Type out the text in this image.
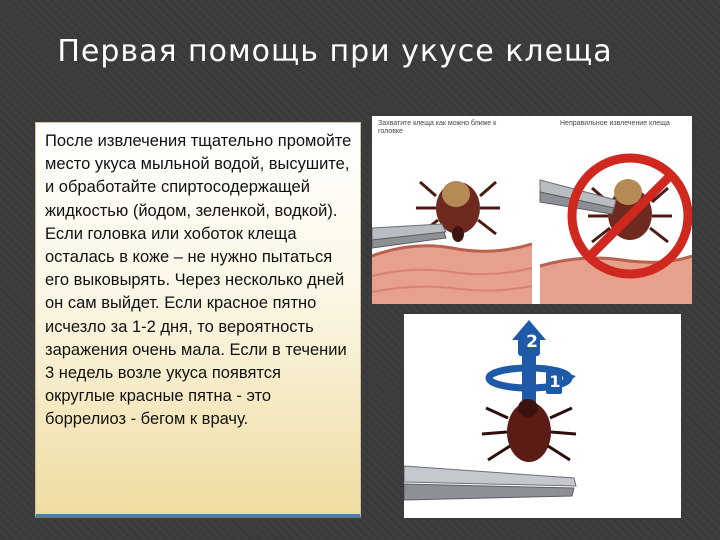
Первая помощь при укусе клеща

После извлечения тщательно промойте место укуса мыльной водой, высушите, и обработайте спиртосодержащей жидкостью (йодом, зеленкой, водкой). Если головка или хоботок клеща осталась в коже – не нужно пытаться его выковырять. Через несколько дней он сам выйдет. Если красное пятно исчезло за 1-2 дня, то вероятность заражения очень мала. Если в течении 3 недель возле укуса появятся округлые красные пятна - это боррелиоз - бегом к врачу.

Захватите клеща как можно ближе к головке
Неправильное извлечение клеща
2
1
